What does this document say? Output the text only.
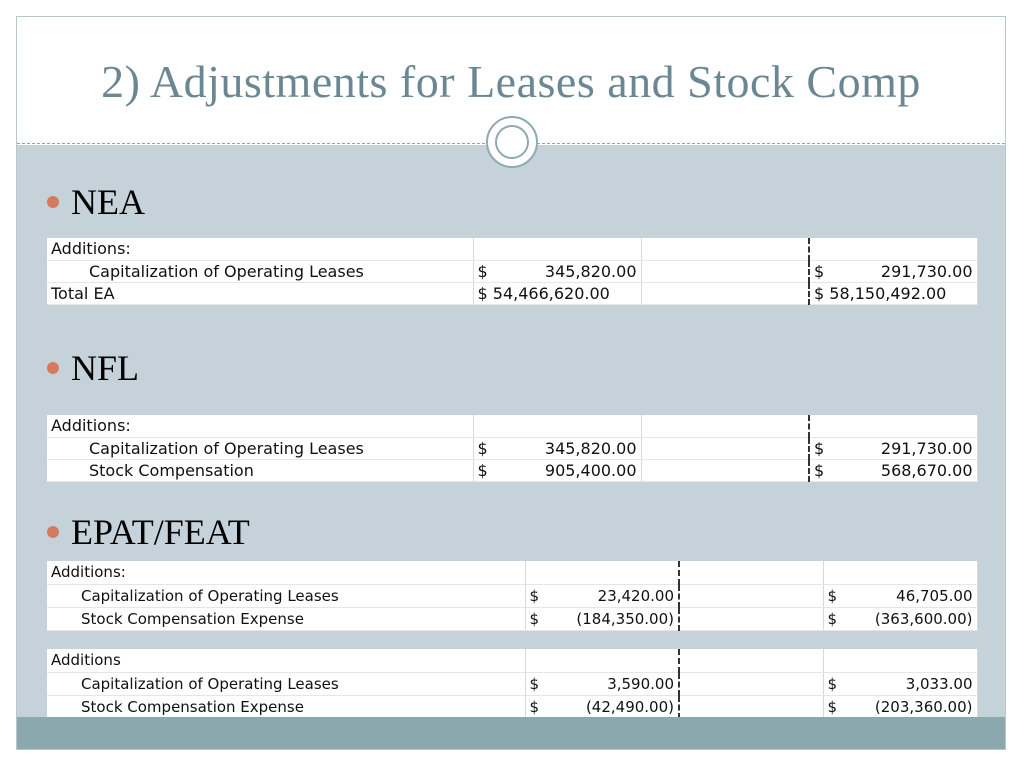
2) Adjustments for Leases and Stock Comp
NEA
Additions:			
Capitalization of Operating Leases	$ 345,820.00		$ 291,730.00

Total EA	$ 54,466,620.00		$ 58,150,492.00
NFL
Additions:			
Capitalization of Operating Leases	$ 345,820.00		$ 291,730.00

Stock Compensation	$ 905,400.00		$ 568,670.00
EPAT/FEAT
Additions:			
Capitalization of Operating Leases	$ 23,420.00		$ 46,705.00

Stock Compensation Expense	$ (184,350.00)		$ (363,600.00)
Additions			
Capitalization of Operating Leases	$ 3,590.00		$ 3,033.00

Stock Compensation Expense	$ (42,490.00)		$ (203,360.00)
